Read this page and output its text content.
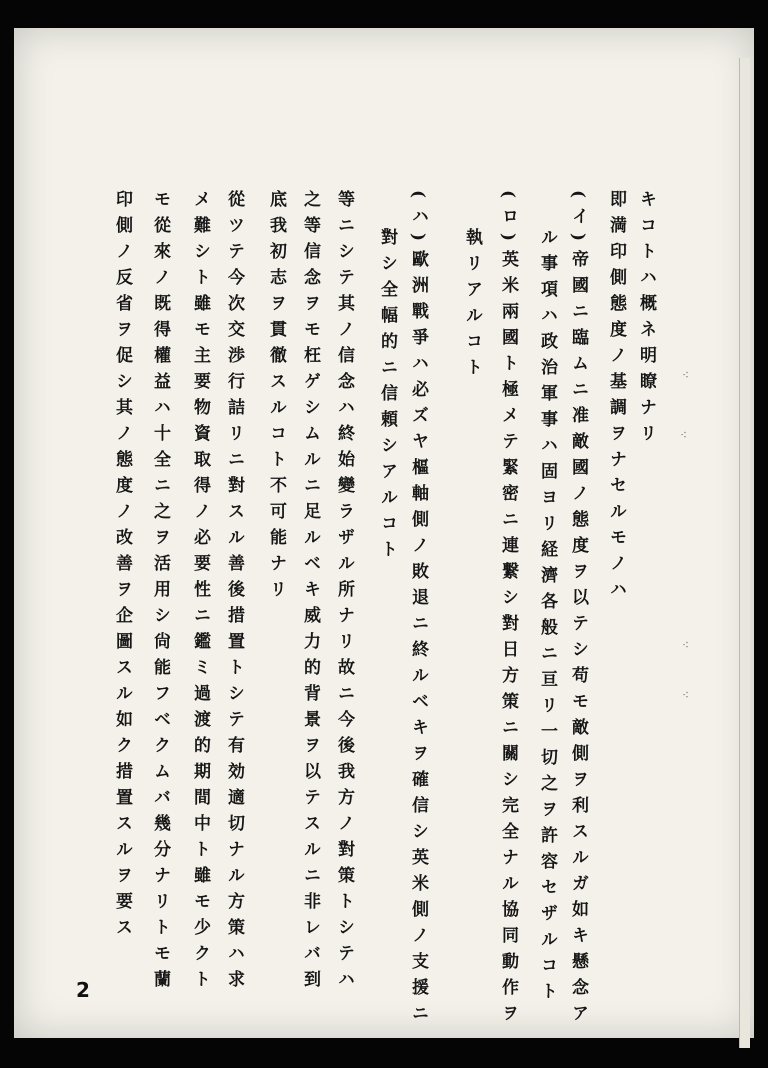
キコトハ概ネ明瞭ナリ
即満印側態度ノ基調ヲナセルモノハ
(イ)帝國ニ臨ムニ准敵國ノ態度ヲ以テシ苟モ敵側ヲ利スルガ如キ懸念ア
ル事項ハ政治軍事ハ固ヨリ経濟各般ニ亘リ一切之ヲ許容セザルコト
(ロ)英米兩國ト極メテ緊密ニ連繋シ對日方策ニ關シ完全ナル協同動作ヲ
執リアルコト
(ハ)歐洲戰爭ハ必ズヤ樞軸側ノ敗退ニ終ルベキヲ確信シ英米側ノ支援ニ
對シ全幅的ニ信頼シアルコト
等ニシテ其ノ信念ハ終始變ラザル所ナリ故ニ今後我方ノ對策トシテハ
之等信念ヲモ枉ゲシムルニ足ルベキ威力的背景ヲ以テスルニ非レバ到
底我初志ヲ貫徹スルコト不可能ナリ
從ツテ今次交渉行詰リニ對スル善後措置トシテ有効適切ナル方策ハ求
メ難シト雖モ主要物資取得ノ必要性ニ鑑ミ過渡的期間中ト雖モ少クト
モ從來ノ既得權益ハ十全ニ之ヲ活用シ尙能フベクムバ幾分ナリトモ蘭
印側ノ反省ヲ促シ其ノ態度ノ改善ヲ企圖スル如ク措置スルヲ要ス
2
⁖
⁖
⁖
⁖
